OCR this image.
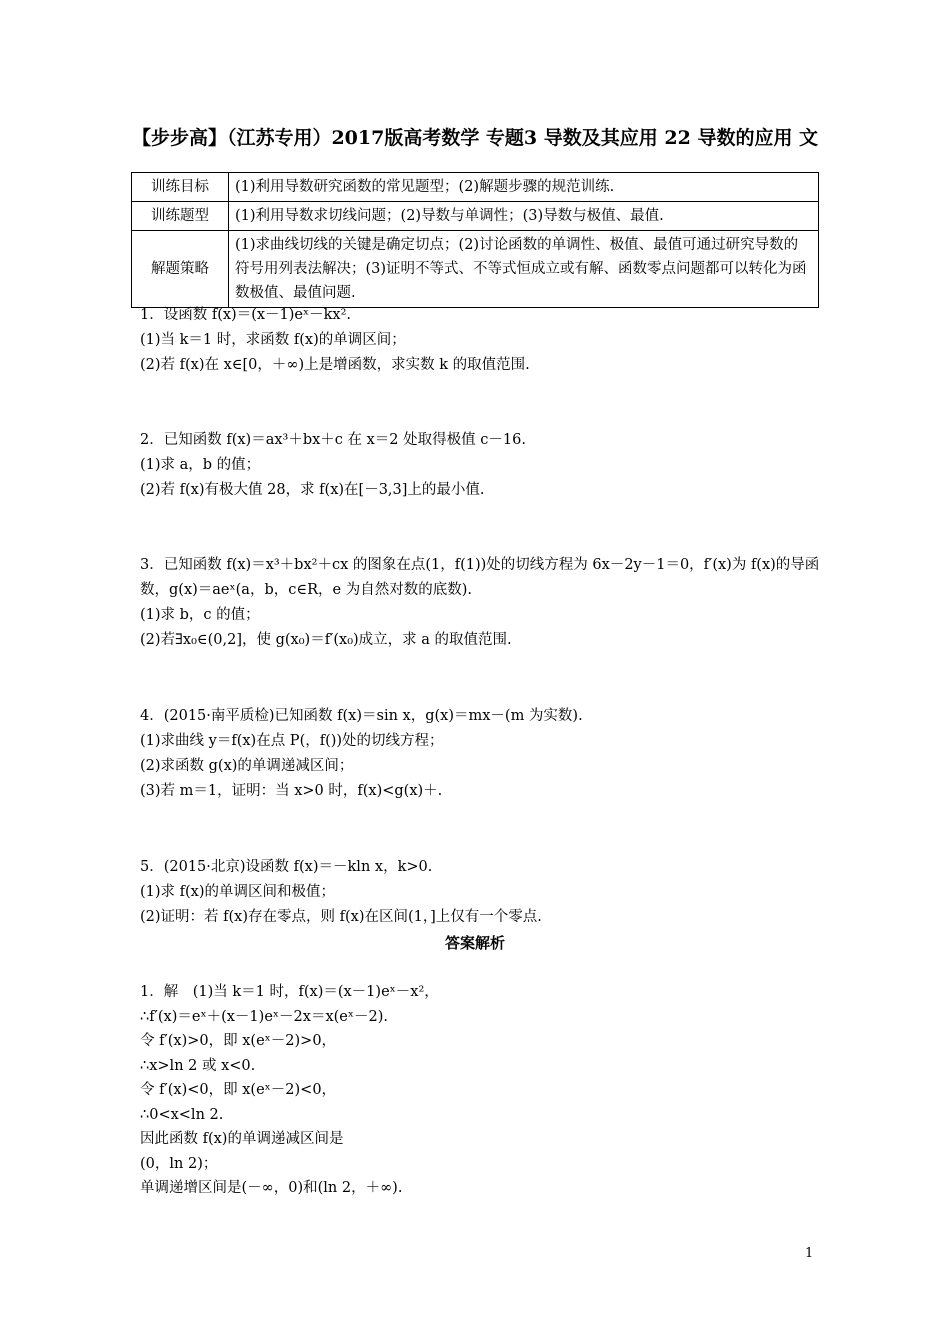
【步步高】（江苏专用）2017版高考数学 专题3 导数及其应用 22 导数的应用 文
训练目标	(1)利用导数研究函数的常见题型；(2)解题步骤的规范训练.
训练题型	(1)利用导数求切线问题；(2)导数与单调性；(3)导数与极值、最值.
解题策略	(1)求曲线切线的关键是确定切点；(2)讨论函数的单调性、极值、最值可通过研究导数的符号用列表法解决；(3)证明不等式、不等式恒成立或有解、函数零点问题都可以转化为函数极值、最值问题.

1．设函数 f(x)＝(x－1)eˣ－kx².

(1)当 k＝1 时，求函数 f(x)的单调区间；

(2)若 f(x)在 x∈[0，＋∞)上是增函数，求实数 k 的取值范围.

2．已知函数 f(x)＝ax³＋bx＋c 在 x＝2 处取得极值 c－16.

(1)求 a，b 的值；

(2)若 f(x)有极大值 28，求 f(x)在[－3,3]上的最小值.

3．已知函数 f(x)＝x³＋bx²＋cx 的图象在点(1，f(1))处的切线方程为 6x－2y－1＝0，f′(x)为 f(x)的导函数，g(x)＝aeˣ(a，b，c∈R，e 为自然对数的底数).

(1)求 b，c 的值；

(2)若∃x₀∈(0,2]，使 g(x₀)＝f′(x₀)成立，求 a 的取值范围.

4．(2015·南平质检)已知函数 f(x)＝sin x，g(x)＝mx－(m 为实数).

(1)求曲线 y＝f(x)在点 P(，f())处的切线方程；

(2)求函数 g(x)的单调递减区间；

(3)若 m＝1，证明：当 x>0 时，f(x)<g(x)＋.

5．(2015·北京)设函数 f(x)＝－kln x，k>0.

(1)求 f(x)的单调区间和极值；

(2)证明：若 f(x)存在零点，则 f(x)在区间(1，]上仅有一个零点.

答案解析

1．解　(1)当 k＝1 时，f(x)＝(x－1)eˣ－x²，

∴f′(x)＝eˣ＋(x－1)eˣ－2x＝x(eˣ－2).

令 f′(x)>0，即 x(eˣ－2)>0，

∴x>ln 2 或 x<0.

令 f′(x)<0，即 x(eˣ－2)<0，

∴0<x<ln 2.

因此函数 f(x)的单调递减区间是

(0，ln 2)；

单调递增区间是(－∞，0)和(ln 2，＋∞).

1
